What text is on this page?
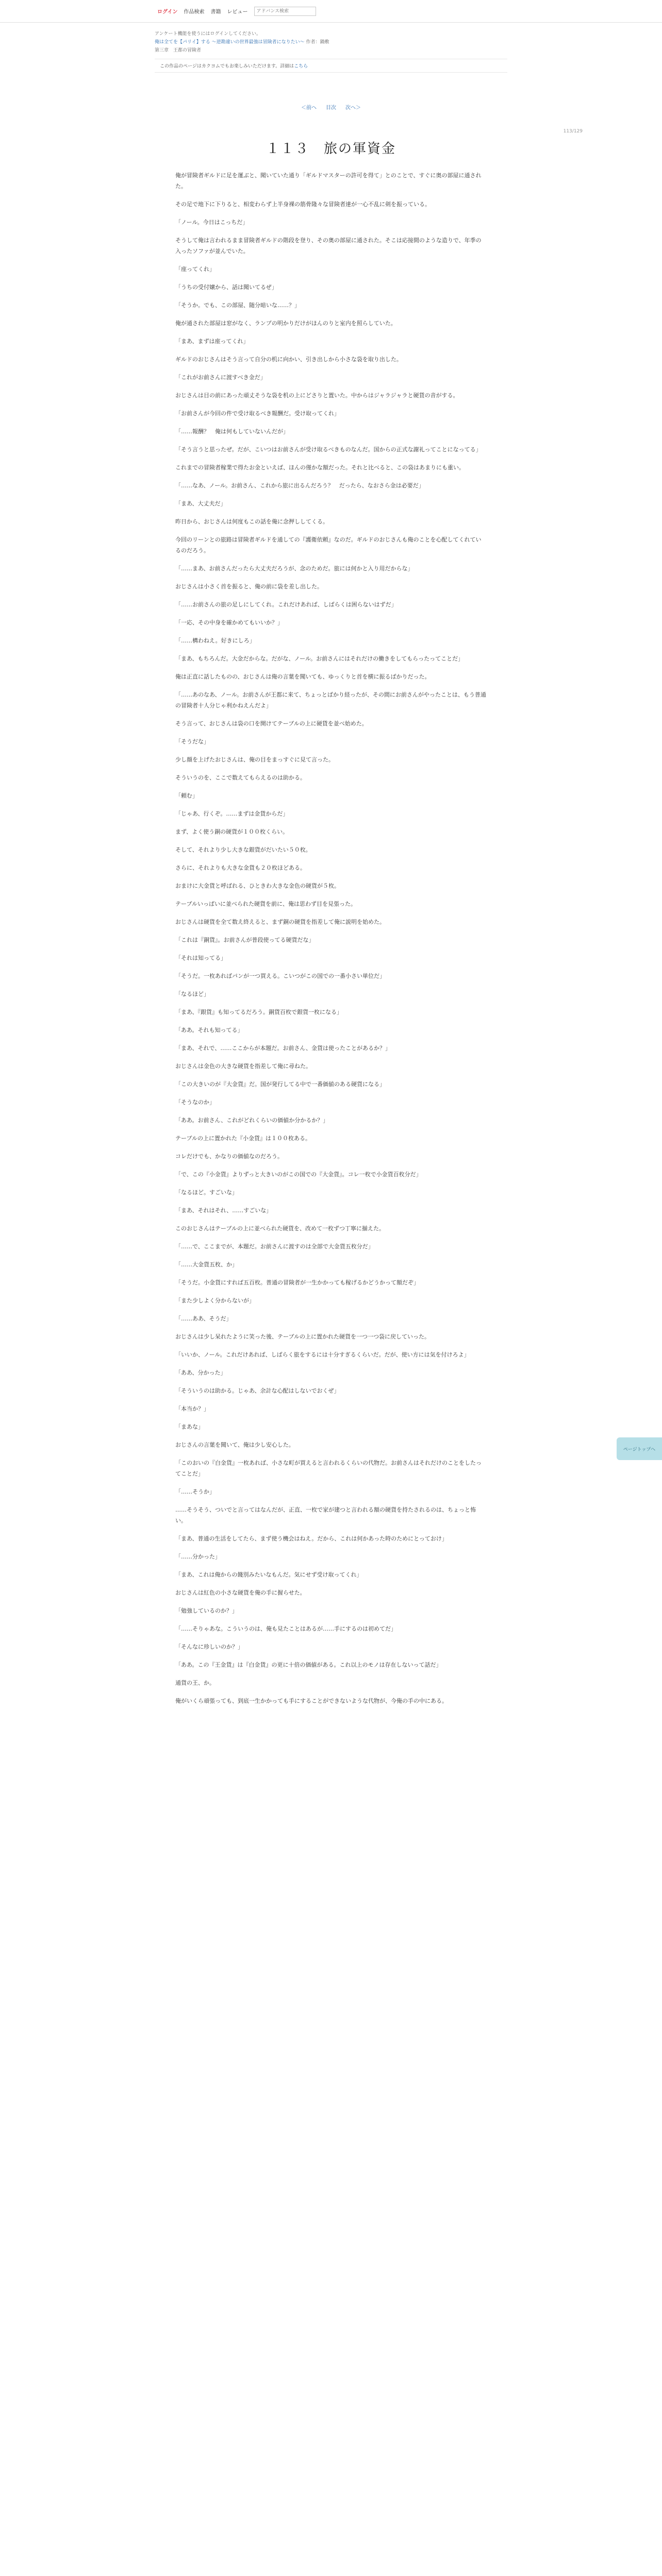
ログイン 作品検索 書籍 レビュー
アドバンス検索
アンケート機能を使うにはログインしてください。
俺は全てを【パリイ】する 〜逆勘違いの世界最強は冒険者になりたい〜 作者：鍋敷
第三章　王都の冒険者
この作品のページはカクヨムでもお楽しみいただけます。詳細はこちら
＜前へ 目次 次へ＞
113/129
１１３　旅の軍資金

俺が冒険者ギルドに足を運ぶと、聞いていた通り「ギルドマスターの許可を得て」とのことで、すぐに奥の部屋に通された。

その足で地下に下りると、相変わらず上半身裸の筋骨隆々な冒険者達が一心不乱に剣を振っている。

「ノール。今日はこっちだ」

そうして俺は言われるまま冒険者ギルドの階段を登り、その奥の部屋に通された。そこは応接間のような造りで、年季の入ったソファが並んでいた。

「座ってくれ」

「うちの受付嬢から、話は聞いてるぜ」

「そうか。でも、この部屋、随分暗いな……？」

俺が通された部屋は窓がなく、ランプの明かりだけがほんのりと室内を照らしていた。

「まあ、まずは座ってくれ」

ギルドのおじさんはそう言って自分の机に向かい、引き出しから小さな袋を取り出した。

「これがお前さんに渡すべき金だ」

おじさんは目の前にあった頑丈そうな袋を机の上にどさりと置いた。中からはジャラジャラと硬貨の音がする。

「お前さんが今回の件で受け取るべき報酬だ。受け取ってくれ」

「……報酬？　俺は何もしていないんだが」

「そう言うと思ったぜ。だが、こいつはお前さんが受け取るべきものなんだ。国からの正式な謝礼ってことになってる」

これまでの冒険者稼業で得たお金といえば、ほんの僅かな額だった。それと比べると、この袋はあまりにも重い。

「……なあ、ノール。お前さん、これから旅に出るんだろう？　だったら、なおさら金は必要だ」

「まあ、大丈夫だ」

昨日から、おじさんは何度もこの話を俺に念押ししてくる。

今回のリーンとの旅路は冒険者ギルドを通しての『護衛依頼』なのだ。ギルドのおじさんも俺のことを心配してくれているのだろう。

「……まあ、お前さんだったら大丈夫だろうが、念のためだ。旅には何かと入り用だからな」

おじさんは小さく首を振ると、俺の前に袋を差し出した。

「……お前さんの旅の足しにしてくれ。これだけあれば、しばらくは困らないはずだ」

「一応、その中身を確かめてもいいか？」

「……構わねえ。好きにしろ」

「まあ、もちろんだ。大金だからな。だがな、ノール。お前さんにはそれだけの働きをしてもらったってことだ」

俺は正直に話したものの、おじさんは俺の言葉を聞いても、ゆっくりと首を横に振るばかりだった。

「……あのなあ、ノール。お前さんが王都に来て、ちょっとばかり経ったが、その間にお前さんがやったことは、もう普通の冒険者十人分じゃ利かねえんだよ」

そう言って、おじさんは袋の口を開けてテーブルの上に硬貨を並べ始めた。

「そうだな」

少し顔を上げたおじさんは、俺の目をまっすぐに見て言った。

そういうのを、ここで数えてもらえるのは助かる。

「頼む」

「じゃあ、行くぞ。……まずは金貨からだ」

まず、よく使う銅の硬貨が１００枚くらい。

そして、それより少し大きな銀貨がだいたい５０枚。

さらに、それよりも大きな金貨も２０枚ほどある。

おまけに大金貨と呼ばれる、ひときわ大きな金色の硬貨が５枚。

テーブルいっぱいに並べられた硬貨を前に、俺は思わず目を見張った。

おじさんは硬貨を全て数え終えると、まず銅の硬貨を指差して俺に説明を始めた。

「これは『銅貨』。お前さんが普段使ってる硬貨だな」

「それは知ってる」

「そうだ。一枚あればパンが一つ買える。こいつがこの国での一番小さい単位だ」

「なるほど」

「まあ、『銀貨』も知ってるだろう。銅貨百枚で銀貨一枚になる」

「ああ。それも知ってる」

「まあ、それで、……ここからが本題だ。お前さん、金貨は使ったことがあるか？」

おじさんは金色の大きな硬貨を指差して俺に尋ねた。

「この大きいのが『大金貨』だ。国が発行してる中で一番価値のある硬貨になる」

「そうなのか」

「ああ。お前さん、これがどれくらいの価値か分かるか？」

テーブルの上に置かれた『小金貨』は１００枚ある。

コレだけでも、かなりの価値なのだろう。

「で、この『小金貨』よりずっと大きいのがこの国での『大金貨』。コレ一枚で小金貨百枚分だ」

「なるほど。すごいな」

「まあ、それはそれ、……すごいな」

このおじさんはテーブルの上に並べられた硬貨を、改めて一枚ずつ丁寧に揃えた。

「……で、ここまでが、本題だ。お前さんに渡すのは全部で大金貨五枚分だ」

「……大金貨五枚、か」

「そうだ。小金貨にすれば五百枚。普通の冒険者が一生かかっても稼げるかどうかって額だぞ」

「また少しよく分からないが」

「……ああ、そうだ」

おじさんは少し呆れたように笑った後、テーブルの上に置かれた硬貨を一つ一つ袋に戻していった。

「いいか、ノール。これだけあれば、しばらく旅をするには十分すぎるくらいだ。だが、使い方には気を付けろよ」

「ああ、分かった」

「そういうのは助かる。じゃあ、余計な心配はしないでおくぜ」

「本当か？」

「まあな」

おじさんの言葉を聞いて、俺は少し安心した。

「このおいの『白金貨』一枚あれば、小さな町が買えると言われるくらいの代物だ。お前さんはそれだけのことをしたってことだ」

「……そうか」

……そうそう、ついでと言ってはなんだが、正直、一枚で家が建つと言われる額の硬貨を持たされるのは、ちょっと怖い。

「まあ、普通の生活をしてたら、まず使う機会はねえ。だから、これは何かあった時のためにとっておけ」

「……分かった」

「まあ、これは俺からの餞別みたいなもんだ。気にせず受け取ってくれ」

おじさんは紅色の小さな硬貨を俺の手に握らせた。

「勉強しているのか？」

「……そりゃあな。こういうのは、俺も見たことはあるが……手にするのは初めてだ」

「そんなに珍しいのか？」

「ああ。この『王金貨』は『白金貨』の更に十倍の価値がある。これ以上のモノは存在しないって話だ」

通貨の王、か。

俺がいくら頑張っても、到底一生かかっても手にすることができないような代物が、今俺の手の中にある。

ページトップへ
